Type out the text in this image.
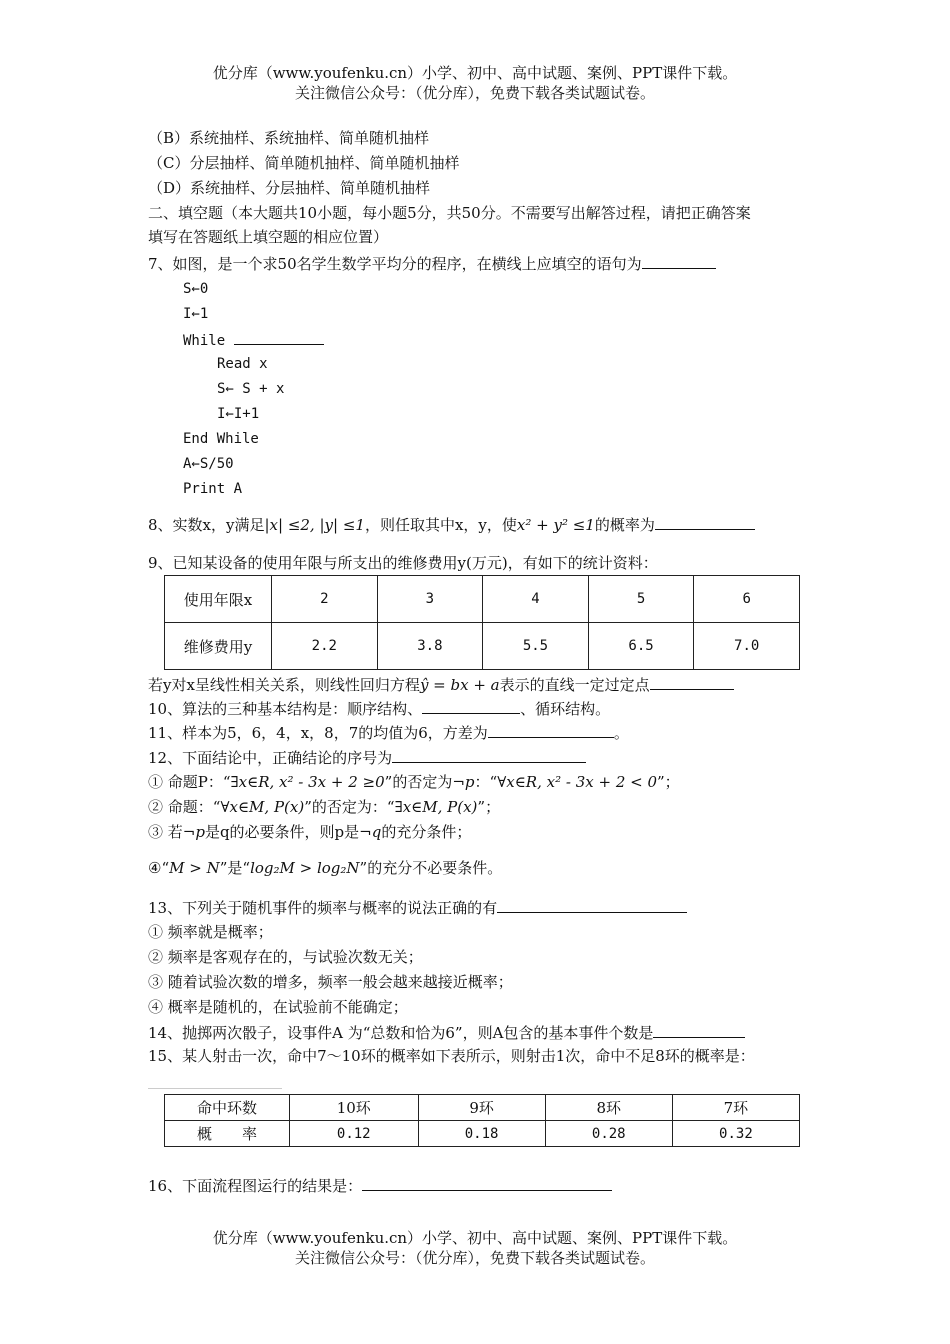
优分库（www.youfenku.cn）小学、初中、高中试题、案例、PPT课件下载。
关注微信公众号：（优分库），免费下载各类试题试卷。
（B）系统抽样、系统抽样、简单随机抽样
（C）分层抽样、简单随机抽样、简单随机抽样
（D）系统抽样、分层抽样、简单随机抽样
二、填空题（本大题共10小题，每小题5分，共50分。不需要写出解答过程，请把正确答案
填写在答题纸上填空题的相应位置）
7、如图，是一个求50名学生数学平均分的程序，在横线上应填空的语句为
S←0
I←1
While
Read x
S← S + x
I←I+1
End While
A←S/50
Print A
8、实数x，y满足|x| ≤2, |y| ≤1，则任取其中x，y，使x² + y² ≤1的概率为
9、已知某设备的使用年限与所支出的维修费用y(万元)，有如下的统计资料：
使用年限x	2	3	4	5	6
维修费用y	2.2	3.8	5.5	6.5	7.0
若y对x呈线性相关关系，则线性回归方程ŷ = bx + a表示的直线一定过定点
10、算法的三种基本结构是：顺序结构、	、循环结构。
11、样本为5，6，4，x，8，7的均值为6，方差为	。
12、下面结论中，正确结论的序号为
① 命题P：“∃x∈R, x² - 3x + 2 ≥0”的否定为¬p：“∀x∈R, x² - 3x + 2 < 0”；
② 命题：“∀x∈M, P(x)”的否定为：“∃x∈M, P(x)”；
③ 若¬p是q的必要条件，则p是¬q的充分条件；
④“M > N”是“log₂M > log₂N”的充分不必要条件。
13、下列关于随机事件的频率与概率的说法正确的有
① 频率就是概率；
② 频率是客观存在的，与试验次数无关；
③ 随着试验次数的增多，频率一般会越来越接近概率；
④ 概率是随机的，在试验前不能确定；
14、抛掷两次骰子，设事件A 为“总数和恰为6”，则A包含的基本事件个数是
15、某人射击一次，命中7～10环的概率如下表所示，则射击1次，命中不足8环的概率是：
命中环数	10环	9环	8环	7环
概　　率	0.12	0.18	0.28	0.32
16、下面流程图运行的结果是：
优分库（www.youfenku.cn）小学、初中、高中试题、案例、PPT课件下载。
关注微信公众号：（优分库），免费下载各类试题试卷。
